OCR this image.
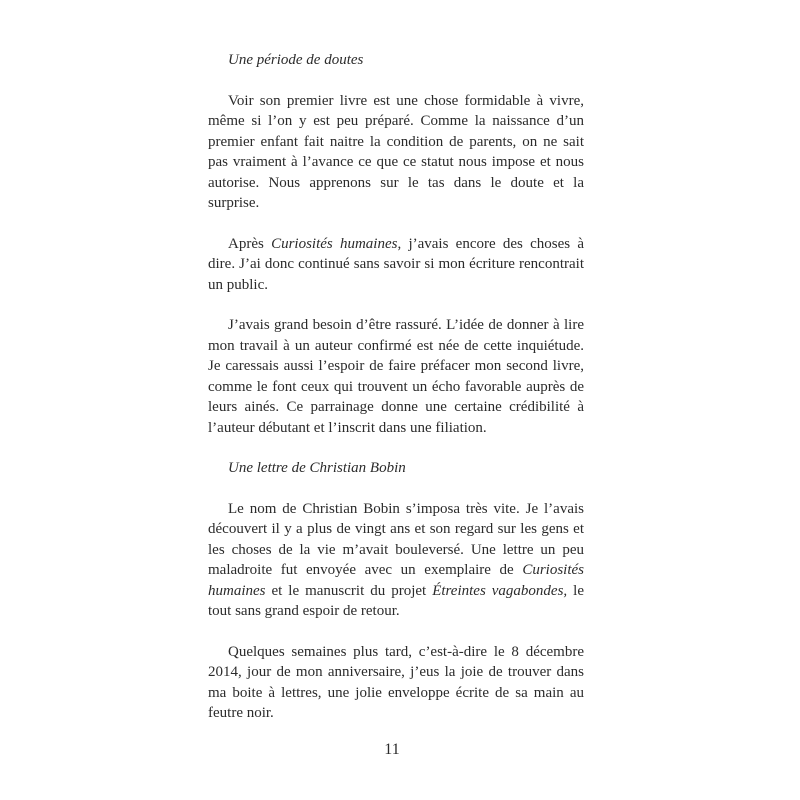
Une période de doutes

Voir son premier livre est une chose formidable à vivre, même si l’on y est peu préparé. Comme la naissance d’un premier enfant fait naitre la condition de parents, on ne sait pas vraiment à l’avance ce que ce statut nous impose et nous autorise. Nous apprenons sur le tas dans le doute et la surprise.

Après Curiosités humaines, j’avais encore des choses à dire. J’ai donc continué sans savoir si mon écriture rencontrait un public.

J’avais grand besoin d’être rassuré. L’idée de donner à lire mon travail à un auteur confirmé est née de cette inquiétude. Je caressais aussi l’espoir de faire préfacer mon second livre, comme le font ceux qui trouvent un écho favorable auprès de leurs ainés. Ce parrainage donne une certaine crédibilité à l’auteur débutant et l’inscrit dans une filiation.

Une lettre de Christian Bobin

Le nom de Christian Bobin s’imposa très vite. Je l’avais découvert il y a plus de vingt ans et son regard sur les gens et les choses de la vie m’avait bouleversé. Une lettre un peu maladroite fut envoyée avec un exemplaire de Curiosités humaines et le manuscrit du projet Étreintes vagabondes, le tout sans grand espoir de retour.

Quelques semaines plus tard, c’est-à-dire le 8 décembre 2014, jour de mon anniversaire, j’eus la joie de trouver dans ma boite à lettres, une jolie enveloppe écrite de sa main au feutre noir.

11
